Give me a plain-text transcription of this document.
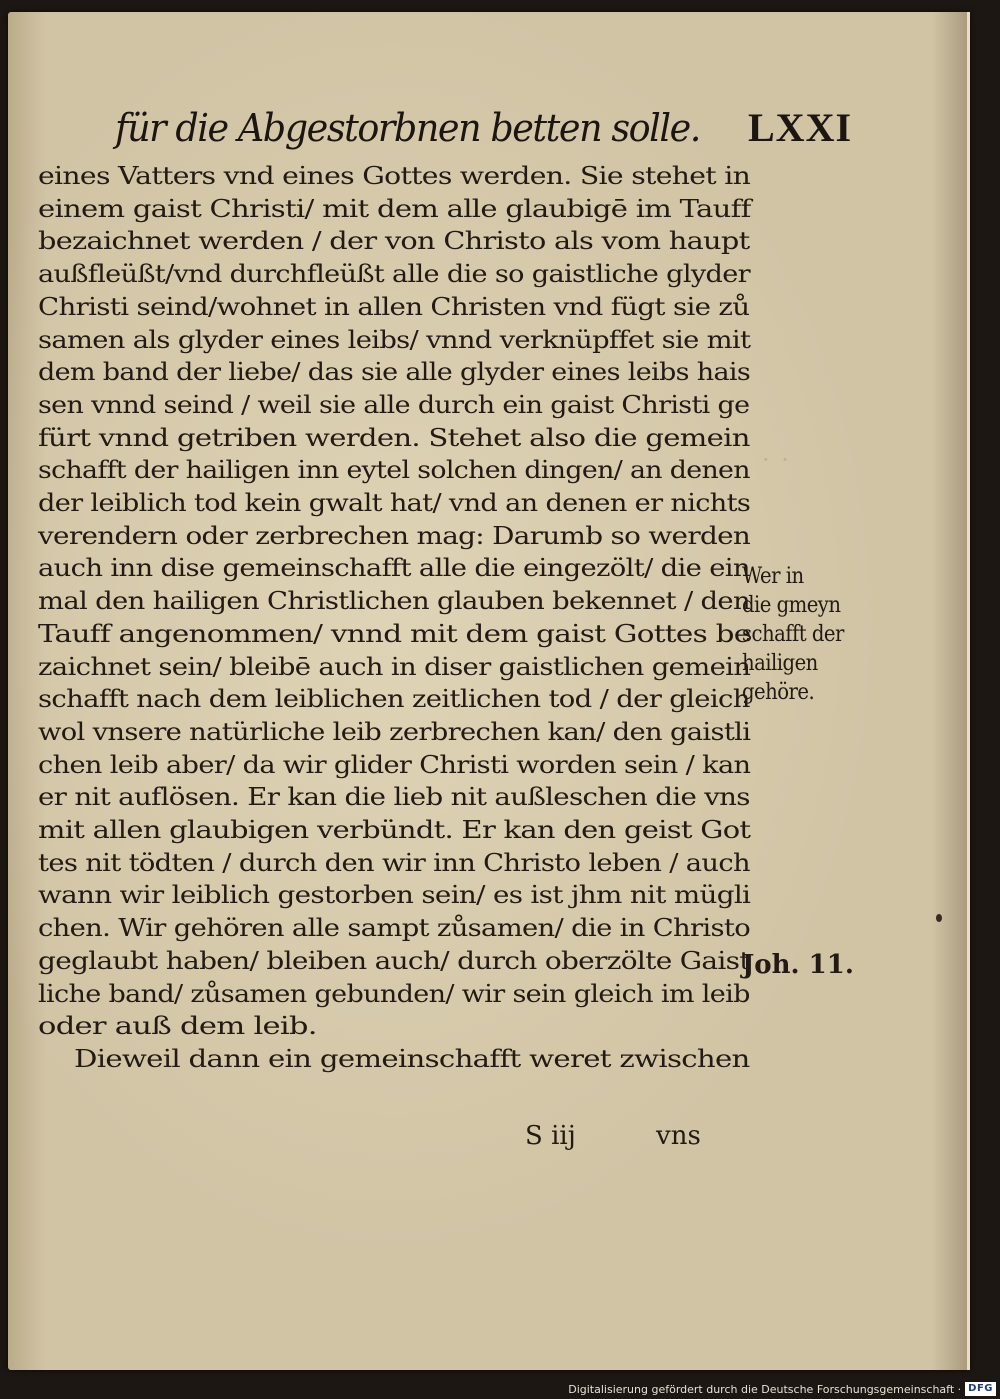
für die Abgestorbnen betten solle. LXXI
eines Vatters vnd eines Gottes werden. Sie stehet in
einem gaist Christi/ mit dem alle glaubigē im Tauff
bezaichnet werden / der von Christo als vom haupt
außfleüßt/vnd durchfleüßt alle die so gaistliche glyder
Christi seind/wohnet in allen Christen vnd fügt sie zů
samen als glyder eines leibs/ vnnd verknüpffet sie mit
dem band der liebe/ das sie alle glyder eines leibs hais
sen vnnd seind / weil sie alle durch ein gaist Christi ge
fürt vnnd getriben werden. Stehet also die gemein
schafft der hailigen inn eytel solchen dingen/ an denen
der leiblich tod kein gwalt hat/ vnd an denen er nichts
verendern oder zerbrechen mag: Darumb so werden
auch inn dise gemeinschafft alle die eingezölt/ die ein
mal den hailigen Christlichen glauben bekennet / den
Tauff angenommen/ vnnd mit dem gaist Gottes be
zaichnet sein/ bleibē auch in diser gaistlichen gemein
schafft nach dem leiblichen zeitlichen tod / der gleich
wol vnsere natürliche leib zerbrechen kan/ den gaistli
chen leib aber/ da wir glider Christi worden sein / kan
er nit auflösen. Er kan die lieb nit außleschen die vns
mit allen glaubigen verbündt. Er kan den geist Got
tes nit tödten / durch den wir inn Christo leben / auch
wann wir leiblich gestorben sein/ es ist jhm nit mügli
chen. Wir gehören alle sampt zůsamen/ die in Christo
geglaubt haben/ bleiben auch/ durch oberzölte Gaist
liche band/ zůsamen gebunden/ wir sein gleich im leib
oder auß dem leib.
Dieweil dann ein gemeinschafft weret zwischen
S iij	vns
Wer in
die gmeyn
schafft der
hailigen
gehöre.
Joh. 11.
· ·
Digitalisierung gefördert durch die Deutsche Forschungsgemeinschaft · DFG
